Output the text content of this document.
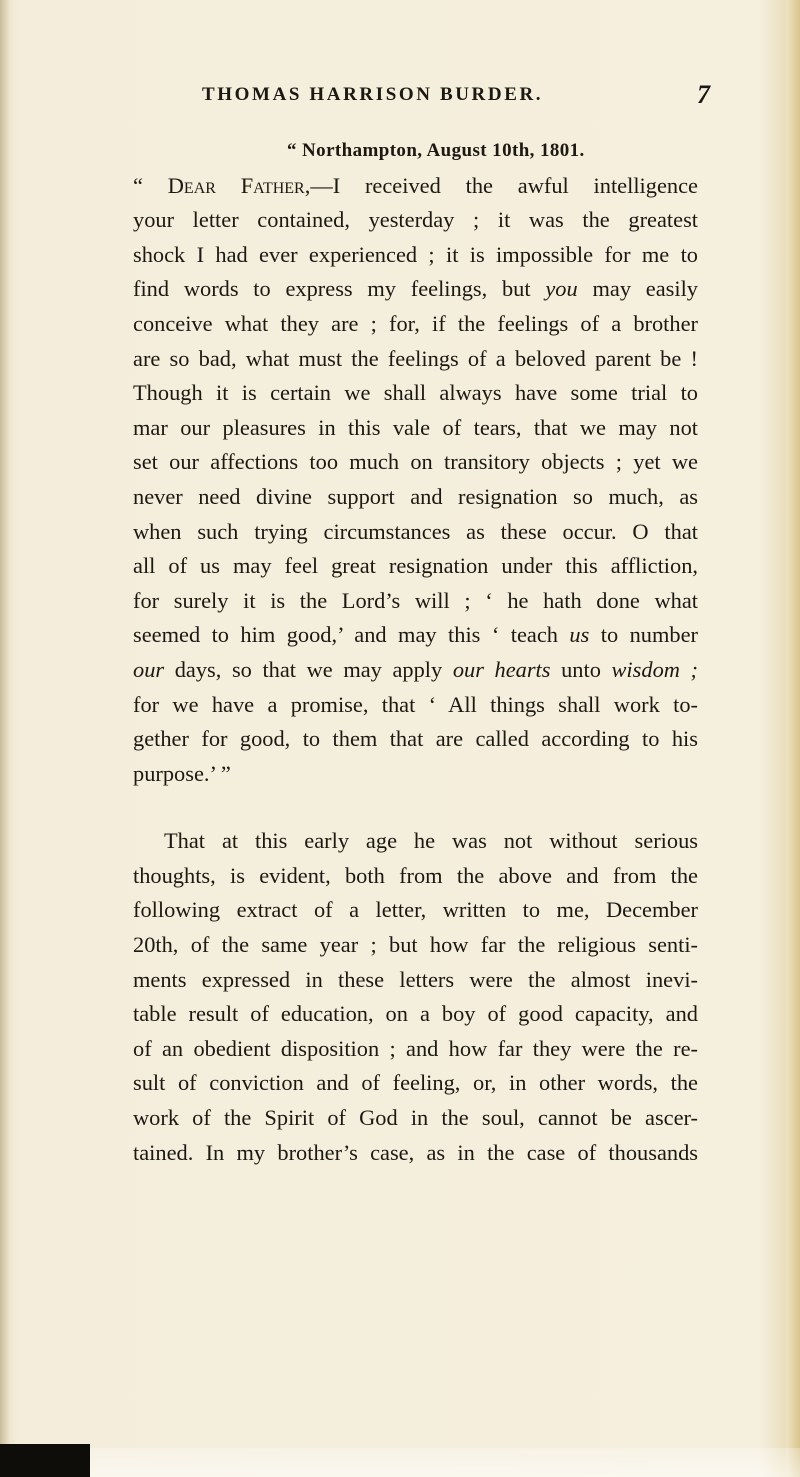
THOMAS HARRISON BURDER.	7
“ Northampton, August 10th, 1801.
“ Dear Father,—I received the awful intelligence
your letter contained, yesterday ; it was the greatest
shock I had ever experienced ; it is impossible for me to
find words to express my feelings, but you may easily
conceive what they are ; for, if the feelings of a brother
are so bad, what must the feelings of a beloved parent be !
Though it is certain we shall always have some trial to
mar our pleasures in this vale of tears, that we may not
set our affections too much on transitory objects ; yet we
never need divine support and resignation so much, as
when such trying circumstances as these occur. O that
all of us may feel great resignation under this affliction,
for surely it is the Lord’s will ; ‘ he hath done what
seemed to him good,’ and may this ‘ teach us to number
our days, so that we may apply our hearts unto wisdom ;
for we have a promise, that ‘ All things shall work to-
gether for good, to them that are called according to his
purpose.’ ”
That at this early age he was not without serious
thoughts, is evident, both from the above and from the
following extract of a letter, written to me, December
20th, of the same year ; but how far the religious senti-
ments expressed in these letters were the almost inevi-
table result of education, on a boy of good capacity, and
of an obedient disposition ; and how far they were the re-
sult of conviction and of feeling, or, in other words, the
work of the Spirit of God in the soul, cannot be ascer-
tained. In my brother’s case, as in the case of thousands
